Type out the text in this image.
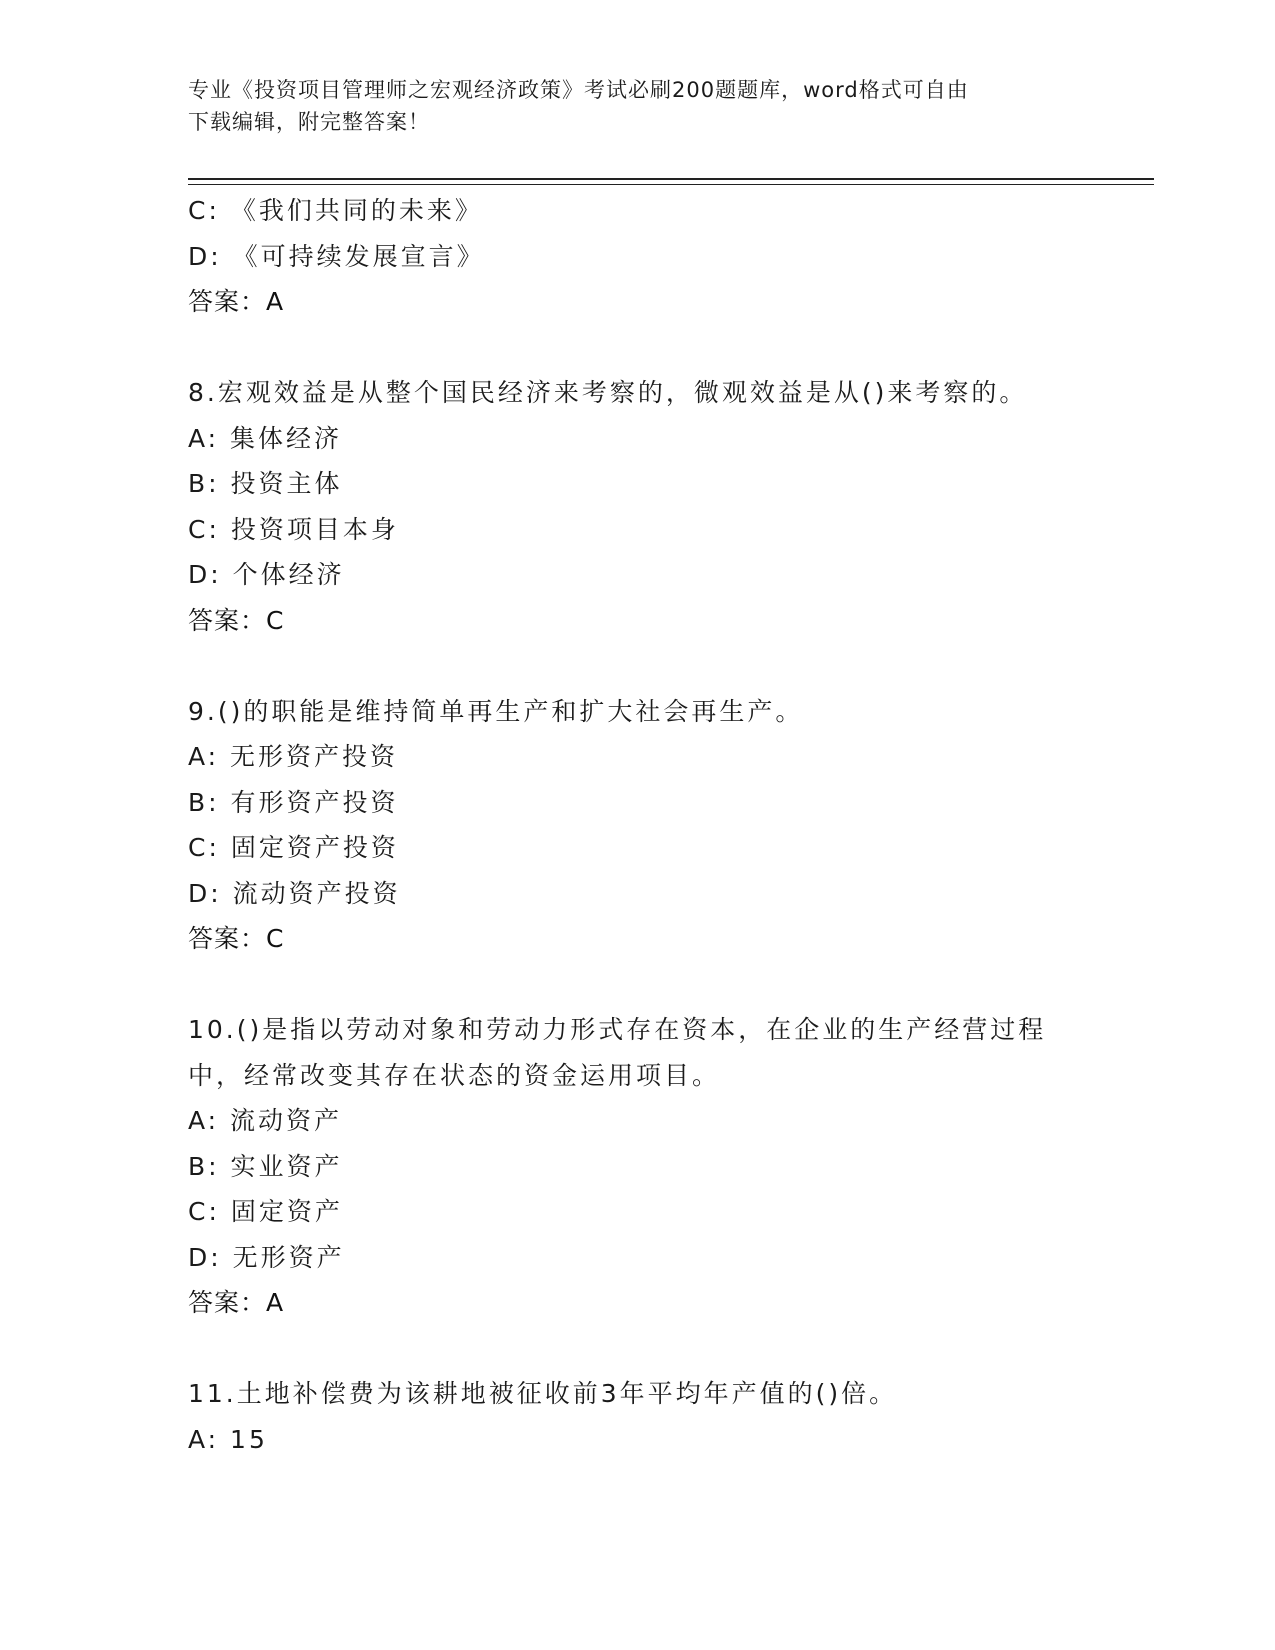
专业《投资项目管理师之宏观经济政策》考试必刷200题题库，word格式可自由
下载编辑，附完整答案！
C: 《我们共同的未来》
D: 《可持续发展宣言》
答案：A
8.宏观效益是从整个国民经济来考察的，微观效益是从()来考察的。
A: 集体经济
B: 投资主体
C: 投资项目本身
D: 个体经济
答案：C
9.()的职能是维持简单再生产和扩大社会再生产。
A: 无形资产投资
B: 有形资产投资
C: 固定资产投资
D: 流动资产投资
答案：C
10.()是指以劳动对象和劳动力形式存在资本，在企业的生产经营过程
中，经常改变其存在状态的资金运用项目。
A: 流动资产
B: 实业资产
C: 固定资产
D: 无形资产
答案：A
11.土地补偿费为该耕地被征收前3年平均年产值的()倍。
A: 15
